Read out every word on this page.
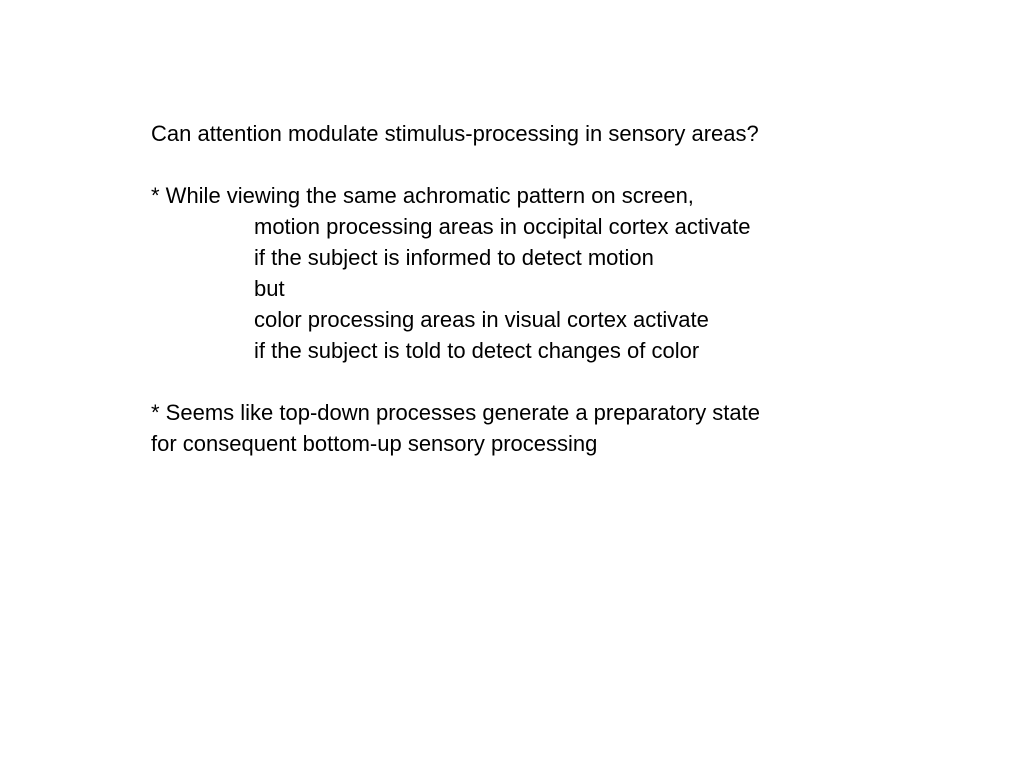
Can attention modulate stimulus-processing in sensory areas?
* While viewing the same achromatic pattern on screen,
motion processing areas in occipital cortex activate
if the subject is informed to detect motion
but
color processing areas in visual cortex activate
if the subject is told to detect changes of color
* Seems like top-down processes generate a preparatory state
for consequent bottom-up sensory processing
